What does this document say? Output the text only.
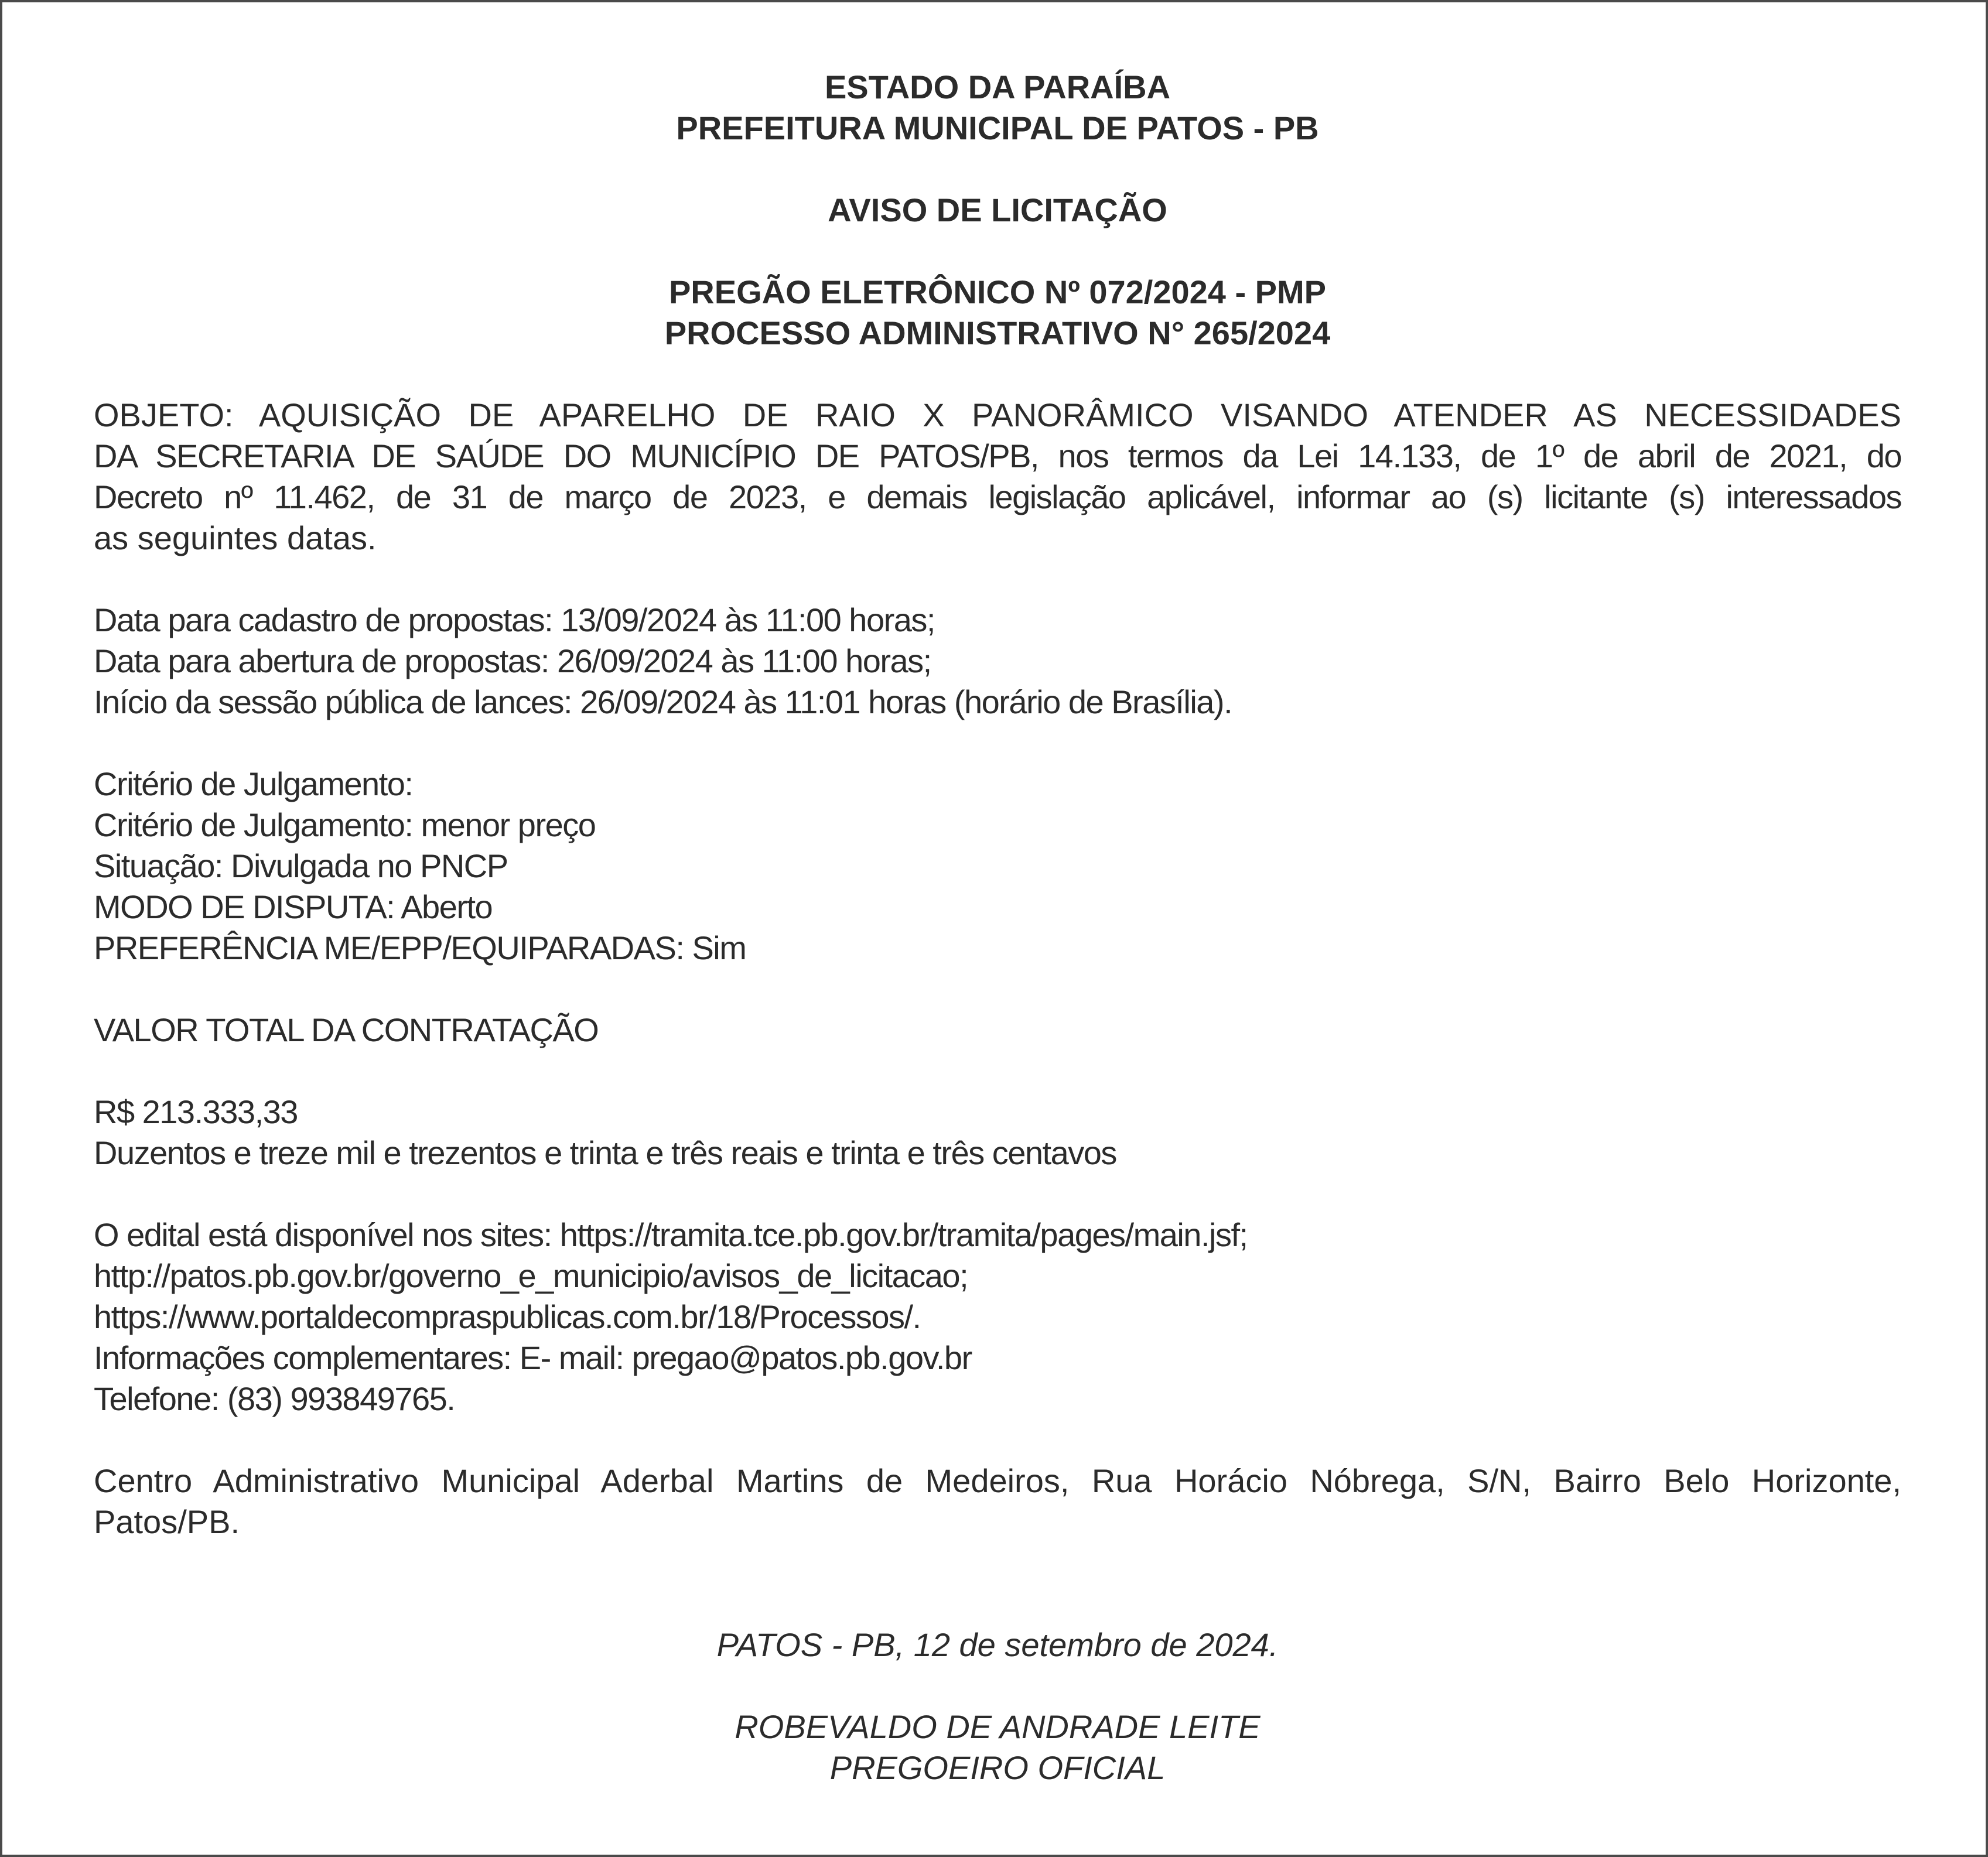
ESTADO DA PARAÍBA
PREFEITURA MUNICIPAL DE PATOS - PB
AVISO DE LICITAÇÃO
PREGÃO ELETRÔNICO Nº 072/2024 - PMP
PROCESSO ADMINISTRATIVO N° 265/2024
OBJETO: AQUISIÇÃO DE APARELHO DE RAIO X PANORÂMICO VISANDO ATENDER AS NECESSIDADES
DA SECRETARIA DE SAÚDE DO MUNICÍPIO DE PATOS/PB, nos termos da Lei 14.133, de 1º de abril de 2021, do
Decreto nº 11.462, de 31 de março de 2023, e demais legislação aplicável, informar ao (s) licitante (s) interessados
as seguintes datas.
Data para cadastro de propostas: 13/09/2024 às 11:00 horas;
Data para abertura de propostas: 26/09/2024 às 11:00 horas;
Início da sessão pública de lances: 26/09/2024 às 11:01 horas (horário de Brasília).
Critério de Julgamento:
Critério de Julgamento: menor preço
Situação: Divulgada no PNCP
MODO DE DISPUTA: Aberto
PREFERÊNCIA ME/EPP/EQUIPARADAS: Sim
VALOR TOTAL DA CONTRATAÇÃO
R$ 213.333,33
Duzentos e treze mil e trezentos e trinta e três reais e trinta e três centavos
O edital está disponível nos sites: https://tramita.tce.pb.gov.br/tramita/pages/main.jsf;
http://patos.pb.gov.br/governo_e_municipio/avisos_de_licitacao;
https://www.portaldecompraspublicas.com.br/18/Processos/.
Informações complementares: E- mail: pregao@patos.pb.gov.br
Telefone: (83) 993849765.
Centro Administrativo Municipal Aderbal Martins de Medeiros, Rua Horácio Nóbrega, S/N, Bairro Belo Horizonte,
Patos/PB.
PATOS - PB, 12 de setembro de 2024.
ROBEVALDO DE ANDRADE LEITE
PREGOEIRO OFICIAL
